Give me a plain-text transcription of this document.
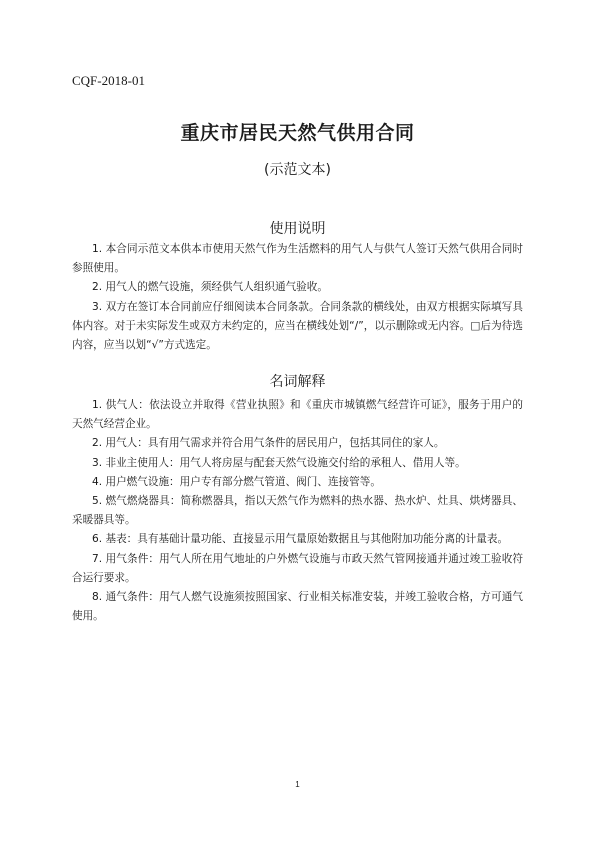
CQF-2018-01
重庆市居民天然气供用合同
(示范文本)
使用说明

1. 本合同示范文本供本市使用天然气作为生活燃料的用气人与供气人签订天然气供用合同时参照使用。

2. 用气人的燃气设施，须经供气人组织通气验收。

3. 双方在签订本合同前应仔细阅读本合同条款。合同条款的横线处，由双方根据实际填写具体内容。对于未实际发生或双方未约定的，应当在横线处划“/”，以示删除或无内容。□后为待选内容，应当以划“√”方式选定。

名词解释

1. 供气人：依法设立并取得《营业执照》和《重庆市城镇燃气经营许可证》，服务于用户的天然气经营企业。

2. 用气人：具有用气需求并符合用气条件的居民用户，包括其同住的家人。

3. 非业主使用人：用气人将房屋与配套天然气设施交付给的承租人、借用人等。

4. 用户燃气设施：用户专有部分燃气管道、阀门、连接管等。

5. 燃气燃烧器具：简称燃器具，指以天然气作为燃料的热水器、热水炉、灶具、烘烤器具、采暖器具等。

6. 基表：具有基础计量功能、直接显示用气量原始数据且与其他附加功能分离的计量表。

7. 用气条件：用气人所在用气地址的户外燃气设施与市政天然气管网接通并通过竣工验收符合运行要求。

8. 通气条件：用气人燃气设施须按照国家、行业相关标准安装，并竣工验收合格，方可通气使用。

1
